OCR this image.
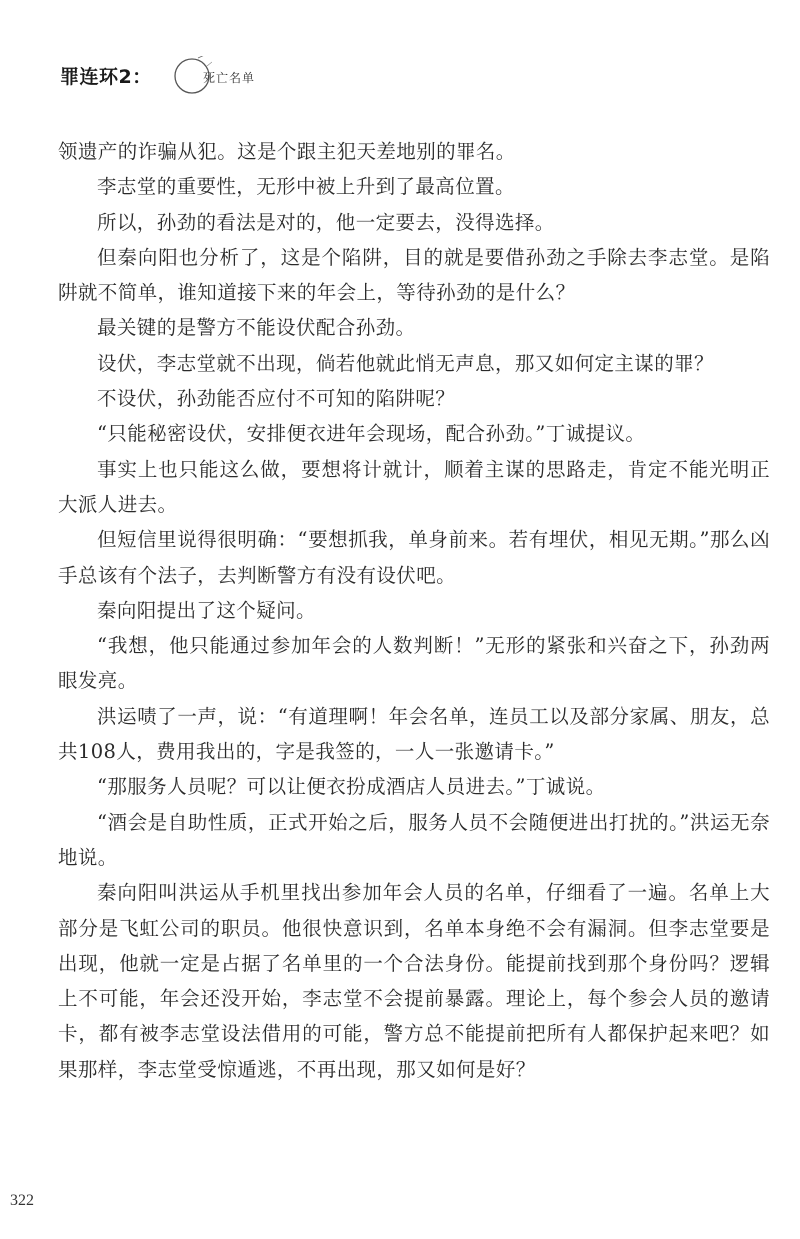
罪连环2：	死亡名单

领遗产的诈骗从犯。这是个跟主犯天差地别的罪名。

李志堂的重要性，无形中被上升到了最高位置。

所以，孙劲的看法是对的，他一定要去，没得选择。

但秦向阳也分析了，这是个陷阱，目的就是要借孙劲之手除去李志堂。是陷阱就不简单，谁知道接下来的年会上，等待孙劲的是什么？

最关键的是警方不能设伏配合孙劲。

设伏，李志堂就不出现，倘若他就此悄无声息，那又如何定主谋的罪？

不设伏，孙劲能否应付不可知的陷阱呢？

“只能秘密设伏，安排便衣进年会现场，配合孙劲。”丁诚提议。

事实上也只能这么做，要想将计就计，顺着主谋的思路走，肯定不能光明正大派人进去。

但短信里说得很明确：“要想抓我，单身前来。若有埋伏，相见无期。”那么凶手总该有个法子，去判断警方有没有设伏吧。

秦向阳提出了这个疑问。

“我想，他只能通过参加年会的人数判断！”无形的紧张和兴奋之下，孙劲两眼发亮。

洪运啧了一声，说：“有道理啊！年会名单，连员工以及部分家属、朋友，总共108人，费用我出的，字是我签的，一人一张邀请卡。”

“那服务人员呢？可以让便衣扮成酒店人员进去。”丁诚说。

“酒会是自助性质，正式开始之后，服务人员不会随便进出打扰的。”洪运无奈地说。

秦向阳叫洪运从手机里找出参加年会人员的名单，仔细看了一遍。名单上大部分是飞虹公司的职员。他很快意识到，名单本身绝不会有漏洞。但李志堂要是出现，他就一定是占据了名单里的一个合法身份。能提前找到那个身份吗？逻辑上不可能，年会还没开始，李志堂不会提前暴露。理论上，每个参会人员的邀请卡，都有被李志堂设法借用的可能，警方总不能提前把所有人都保护起来吧？如果那样，李志堂受惊遁逃，不再出现，那又如何是好？

322
